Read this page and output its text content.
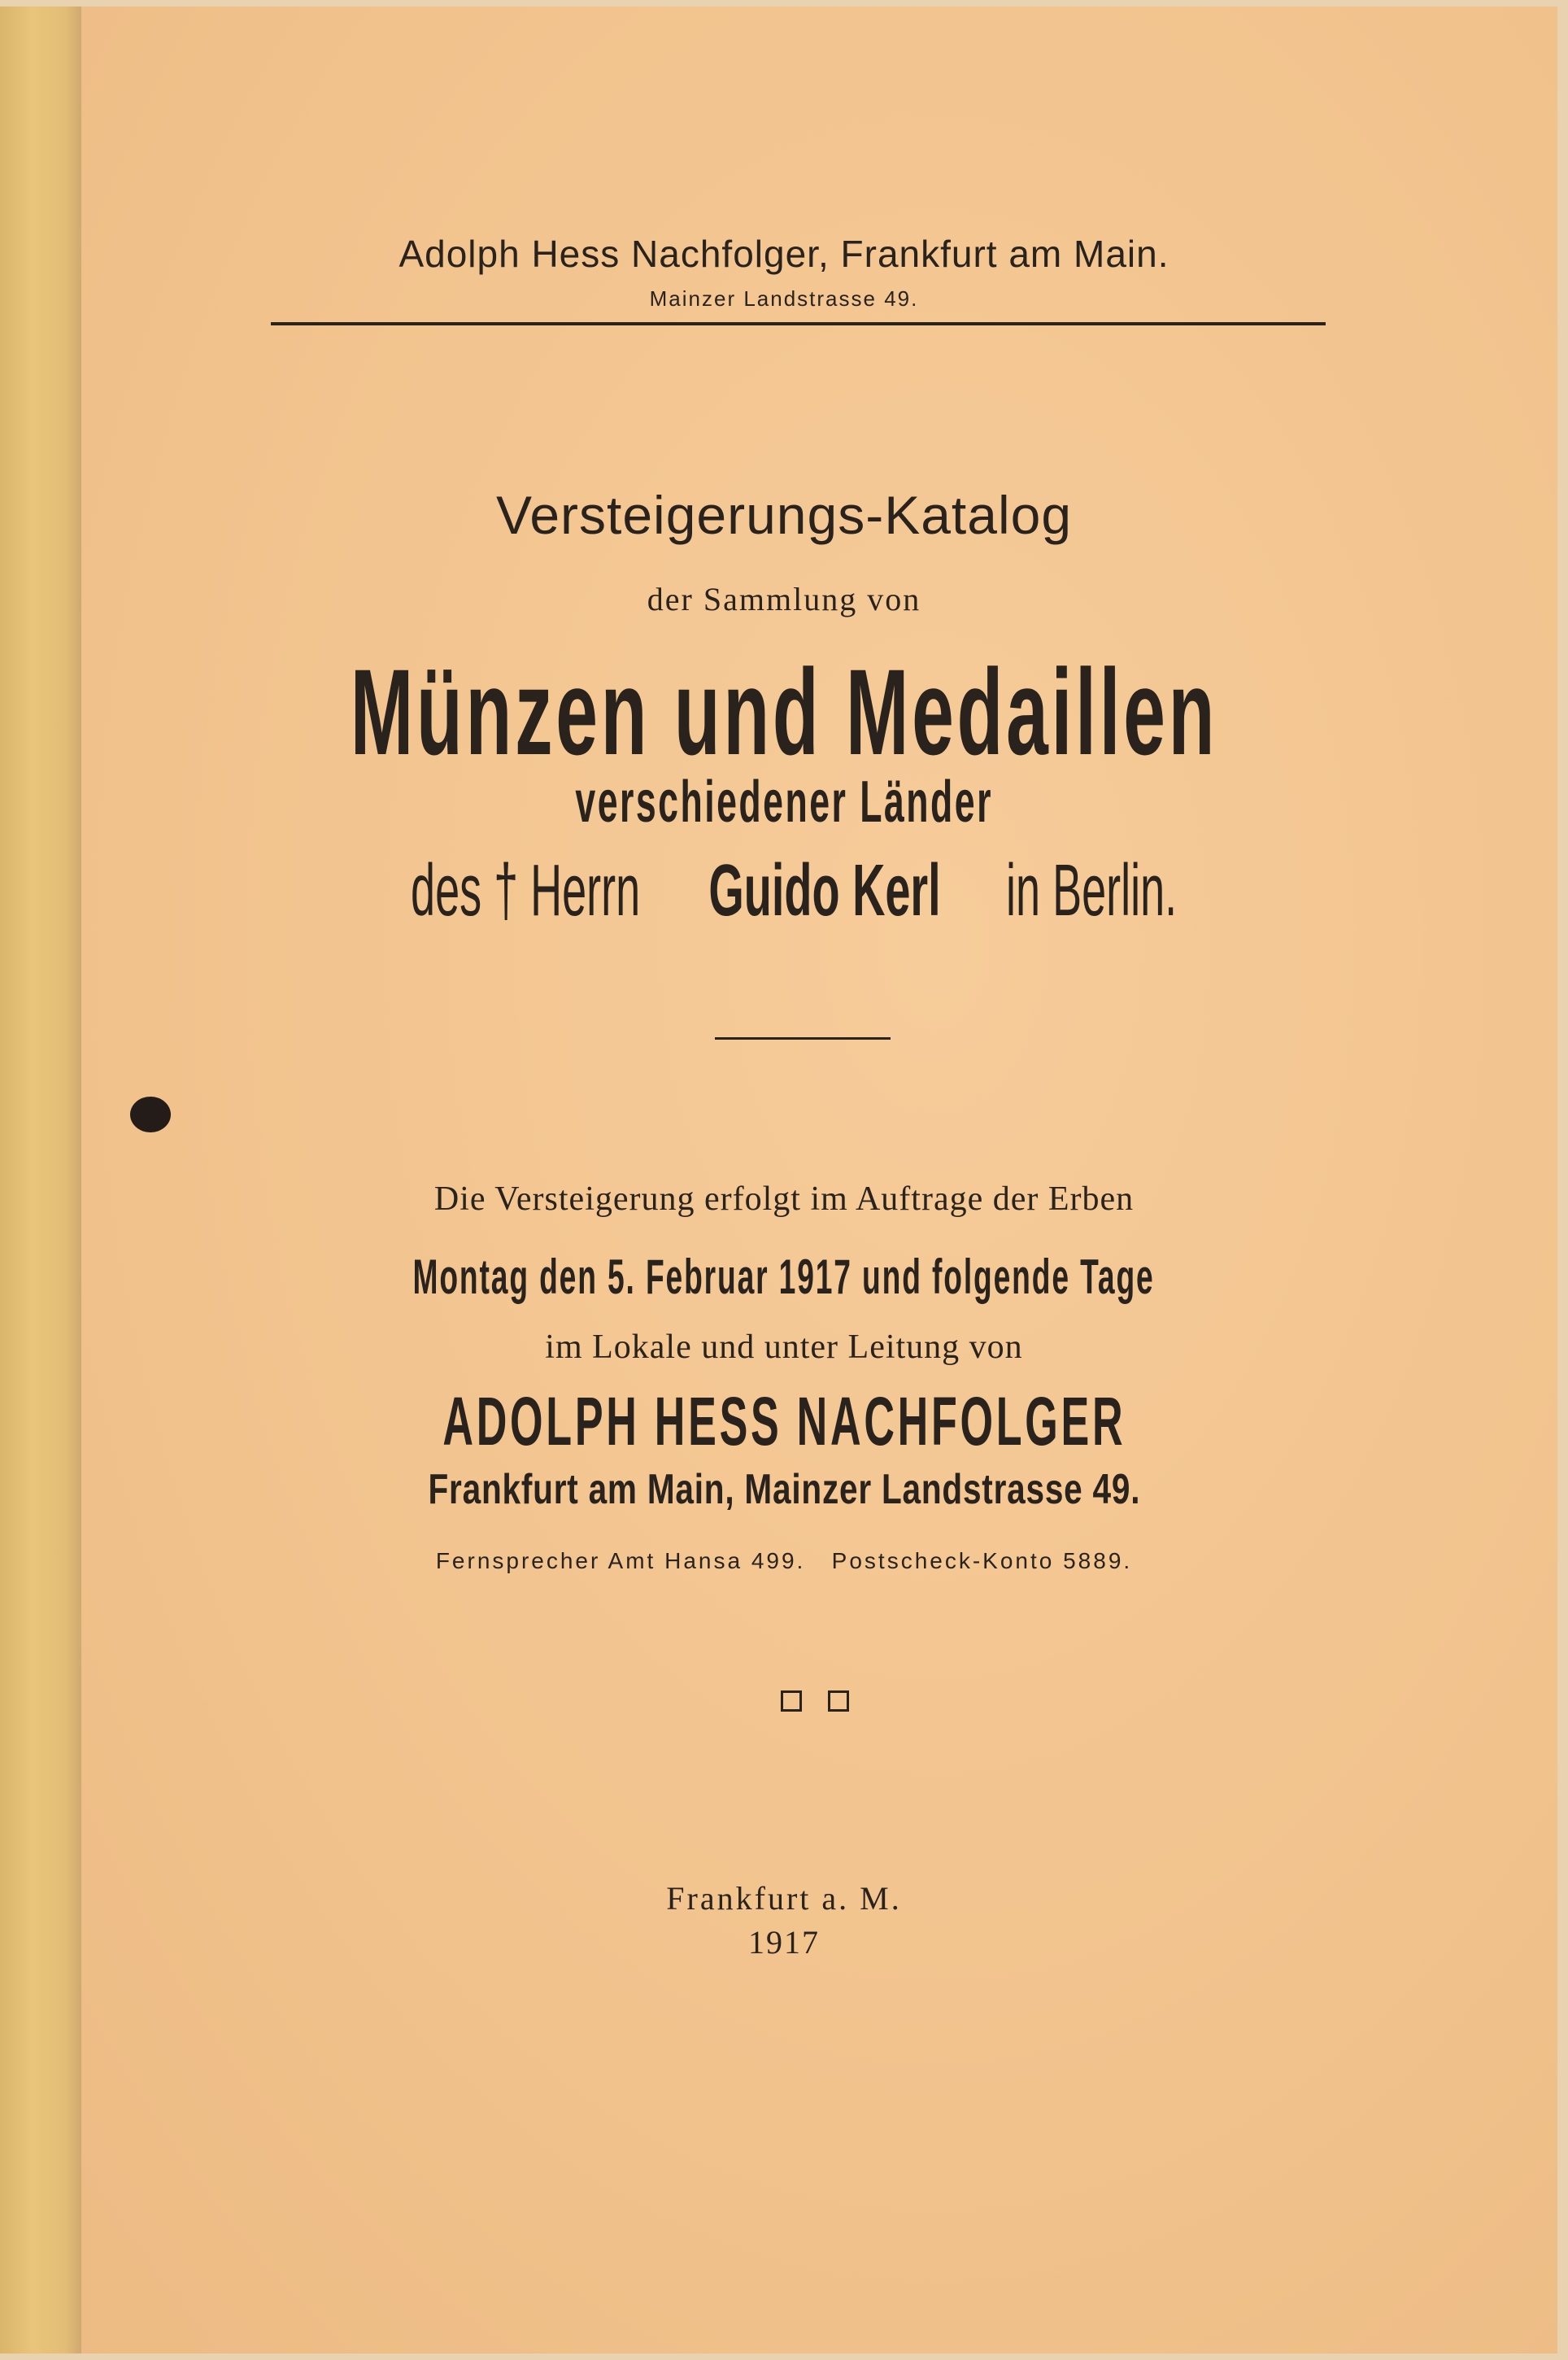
Adolph Hess Nachfolger, Frankfurt am Main.
Mainzer Landstrasse 49.
Versteigerungs-Katalog
der Sammlung von
Münzen und Medaillen
verschiedener Länder
des † Herrn Guido Kerl in Berlin.
Die Versteigerung erfolgt im Auftrage der Erben
Montag den 5. Februar 1917 und folgende Tage
im Lokale und unter Leitung von
ADOLPH HESS NACHFOLGER
Frankfurt am Main, Mainzer Landstrasse 49.
Fernsprecher Amt Hansa 499.   Postscheck-Konto 5889.
Frankfurt a. M.
1917
